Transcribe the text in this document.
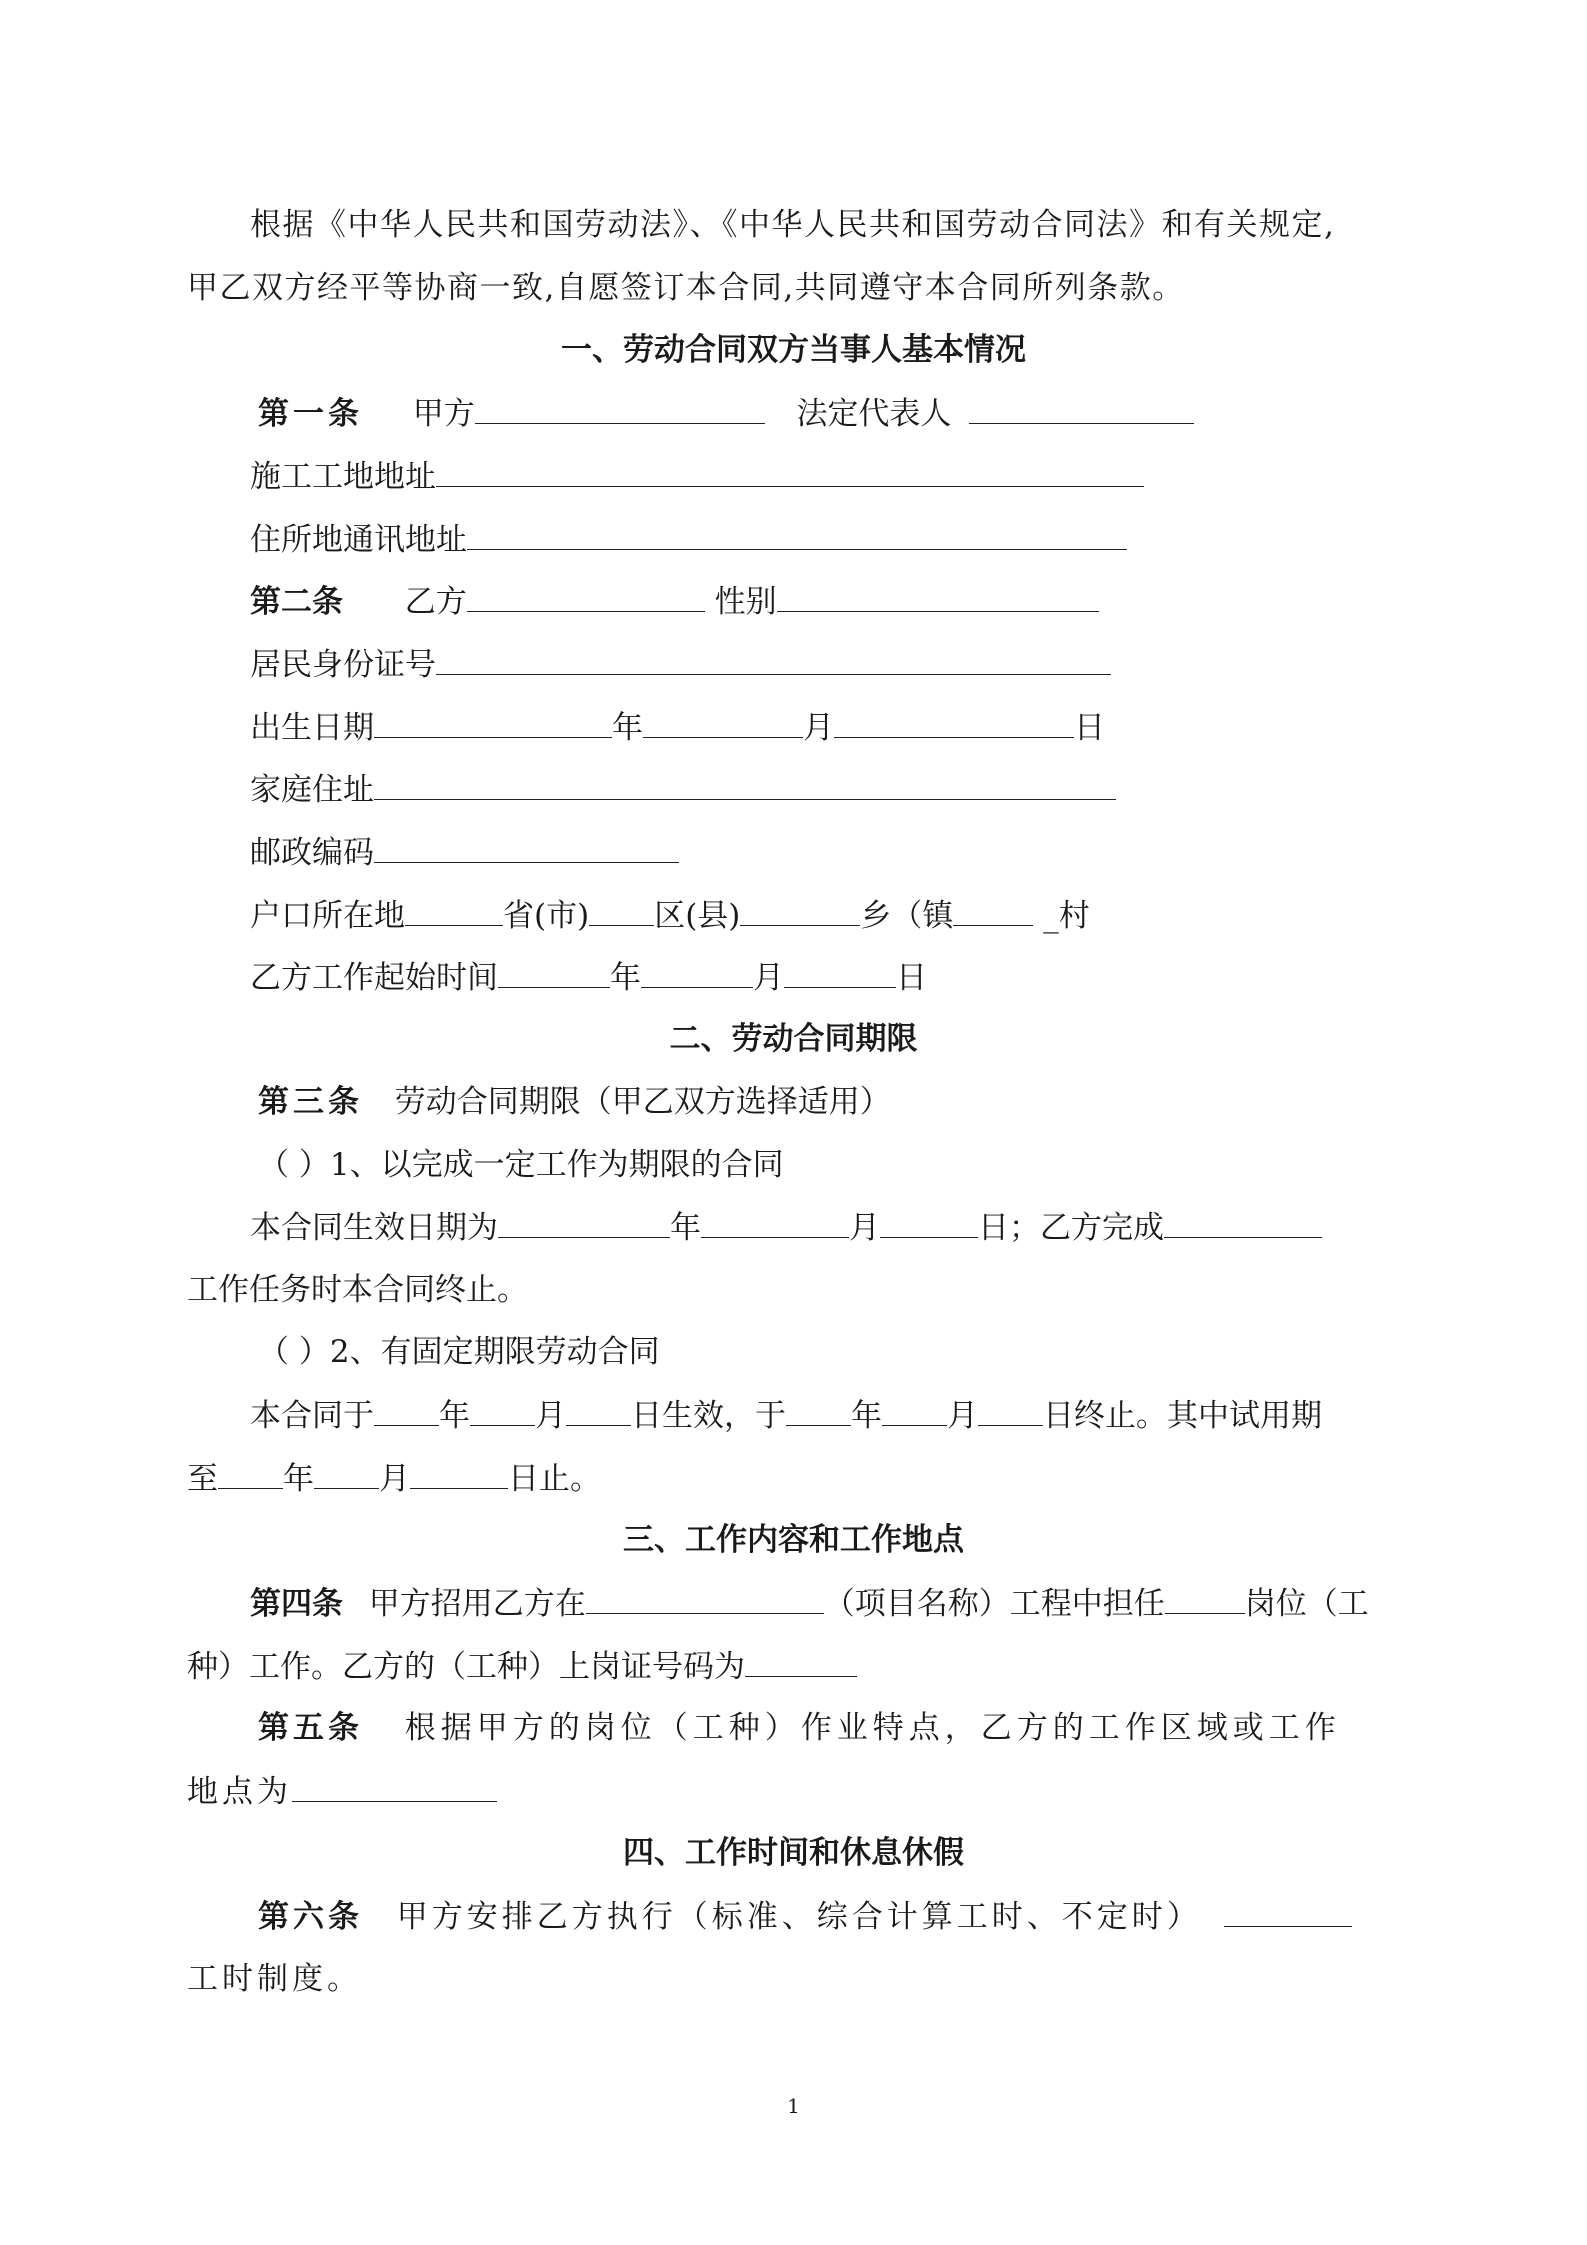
根据《中华人民共和国劳动法》、《中华人民共和国劳动合同法》和有关规定,
甲乙双方经平等协商一致,自愿签订本合同,共同遵守本合同所列条款。
一、劳动合同双方当事人基本情况
第一条 甲方	法定代表人
施工工地地址
住所地通讯地址
第二条 乙方	性别
居民身份证号
出生日期	年	月	日
家庭住址
邮政编码
户口所在地	省(市) 区(县)	乡（镇	_村
乙方工作起始时间	年	月	日
二、劳动合同期限
第三条 劳动合同期限（甲乙双方选择适用）
（ ）1、以完成一定工作为期限的合同
本合同生效日期为	年	月	日；乙方完成
工作任务时本合同终止。
（ ）2、有固定期限劳动合同
本合同于 年 月 日生效，于 年 月 日终止。其中试用期
至 年 月	日止。
三、工作内容和工作地点
第四条 甲方招用乙方在	（项目名称）工程中担任	岗位（工
种）工作。乙方的（工种）上岗证号码为
第五条 根据甲方的岗位（工种）作业特点，乙方的工作区域或工作
地点为
四、工作时间和休息休假
第六条 甲方安排乙方执行（标准、综合计算工时、不定时）
工时制度。
1
